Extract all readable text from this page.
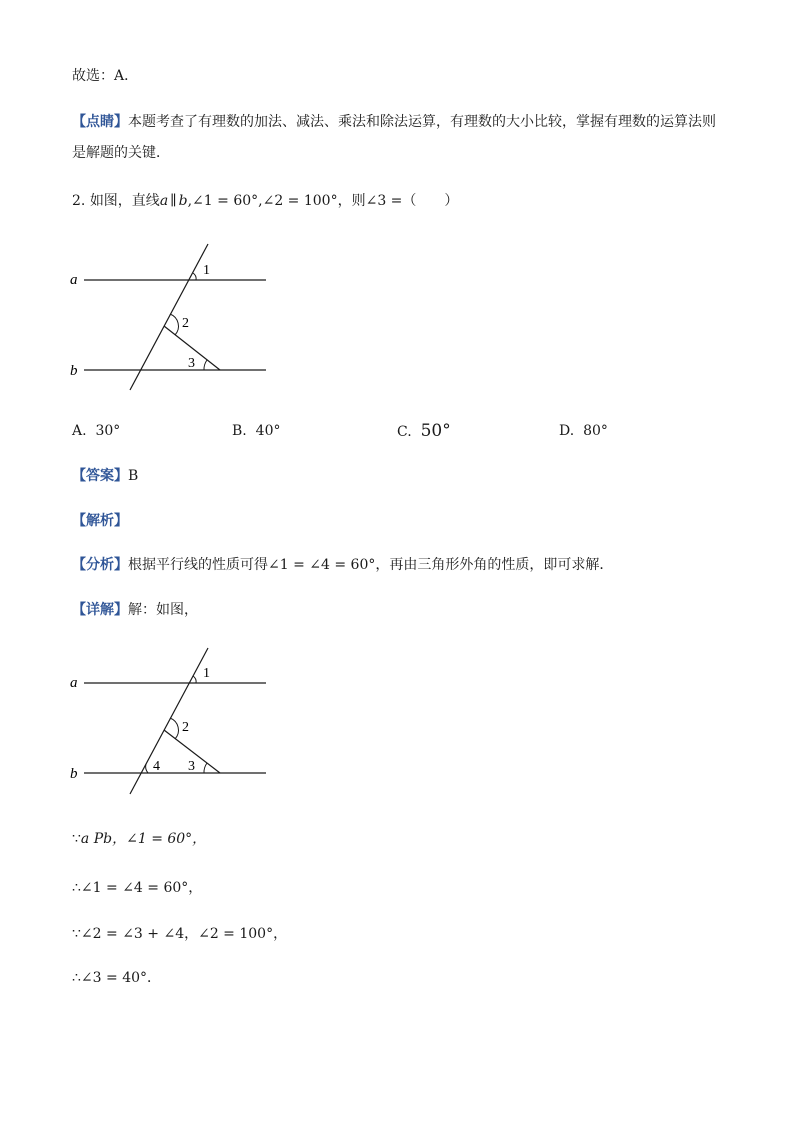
故选：A．
【点睛】本题考查了有理数的加法、减法、乘法和除法运算，有理数的大小比较，掌握有理数的运算法则
是解题的关键．
2. 如图，直线a ∥ b,∠1 = 60°,∠2 = 100°，则∠3 =（　　）
a
b
1
2
3
A. 30°	B. 40°	C. 50°	D. 80°
【答案】B
【解析】
【分析】根据平行线的性质可得∠1 = ∠4 = 60°，再由三角形外角的性质，即可求解．
【详解】解：如图，
a
b
1
2
3
4
∵a Pb，∠1 = 60°，
∴∠1 = ∠4 = 60°，
∵∠2 = ∠3 + ∠4，∠2 = 100°，
∴∠3 = 40°．
